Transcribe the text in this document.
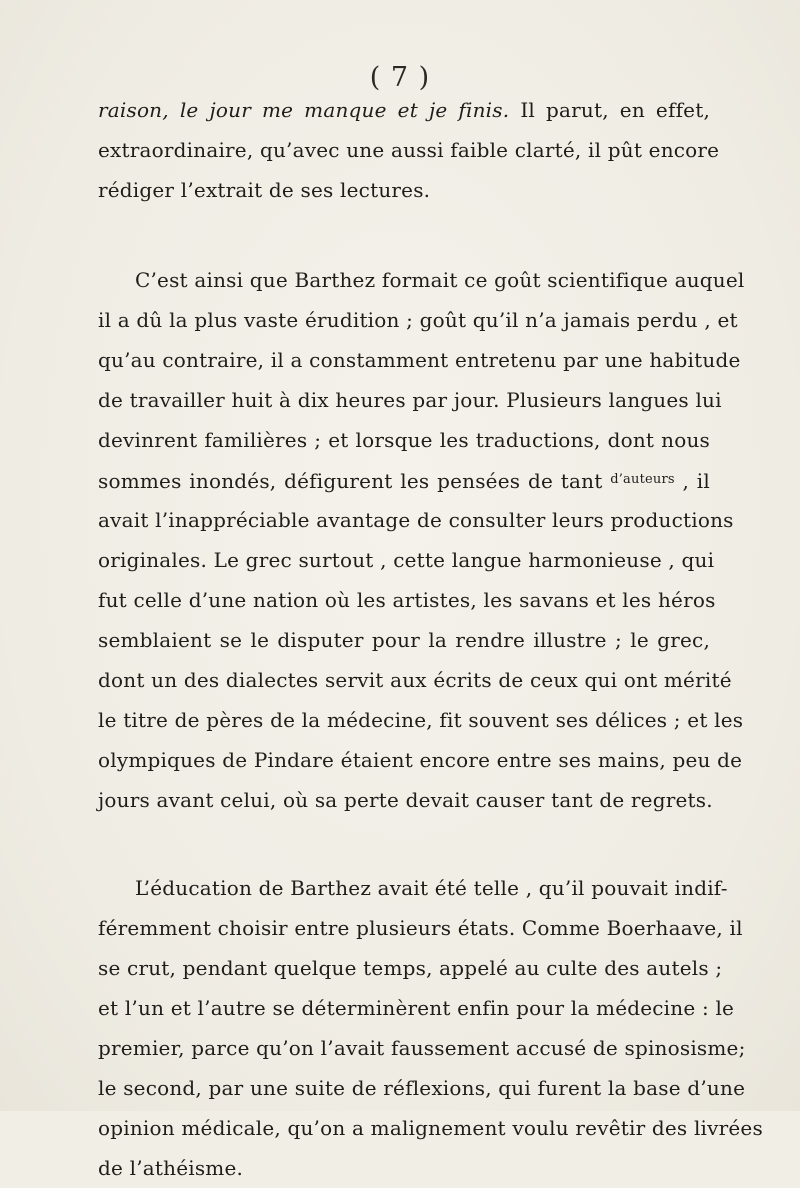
( 7 )
raison, le jour me manque et je finis. Il parut, en effet,
extraordinaire, qu’avec une aussi faible clarté, il pût encore
rédiger l’extrait de ses lectures.
C’est ainsi que Barthez formait ce goût scientifique auquel
il a dû la plus vaste érudition ; goût qu’il n’a jamais perdu , et
qu’au contraire, il a constamment entretenu par une habitude
de travailler huit à dix heures par jour. Plusieurs langues lui
devinrent familières ; et lorsque les traductions, dont nous
sommes inondés, défigurent les pensées de tant $^{d’auteurs}$ , il
avait l’inappréciable avantage de consulter leurs productions
originales. Le grec surtout , cette langue harmonieuse , qui
fut celle d’une nation où les artistes, les savans et les héros
semblaient se le disputer pour la rendre illustre ; le grec,
dont un des dialectes servit aux écrits de ceux qui ont mérité
le titre de pères de la médecine, fit souvent ses délices ; et les
olympiques de Pindare étaient encore entre ses mains, peu de
jours avant celui, où sa perte devait causer tant de regrets.
L’éducation de Barthez avait été telle , qu’il pouvait indif-
féremment choisir entre plusieurs états. Comme Boerhaave, il
se crut, pendant quelque temps, appelé au culte des autels ;
et l’un et l’autre se déterminèrent enfin pour la médecine : le
premier, parce qu’on l’avait faussement accusé de spinosisme;
le second, par une suite de réflexions, qui furent la base d’une
opinion médicale, qu’on a malignement voulu revêtir des livrées
de l’athéisme.
